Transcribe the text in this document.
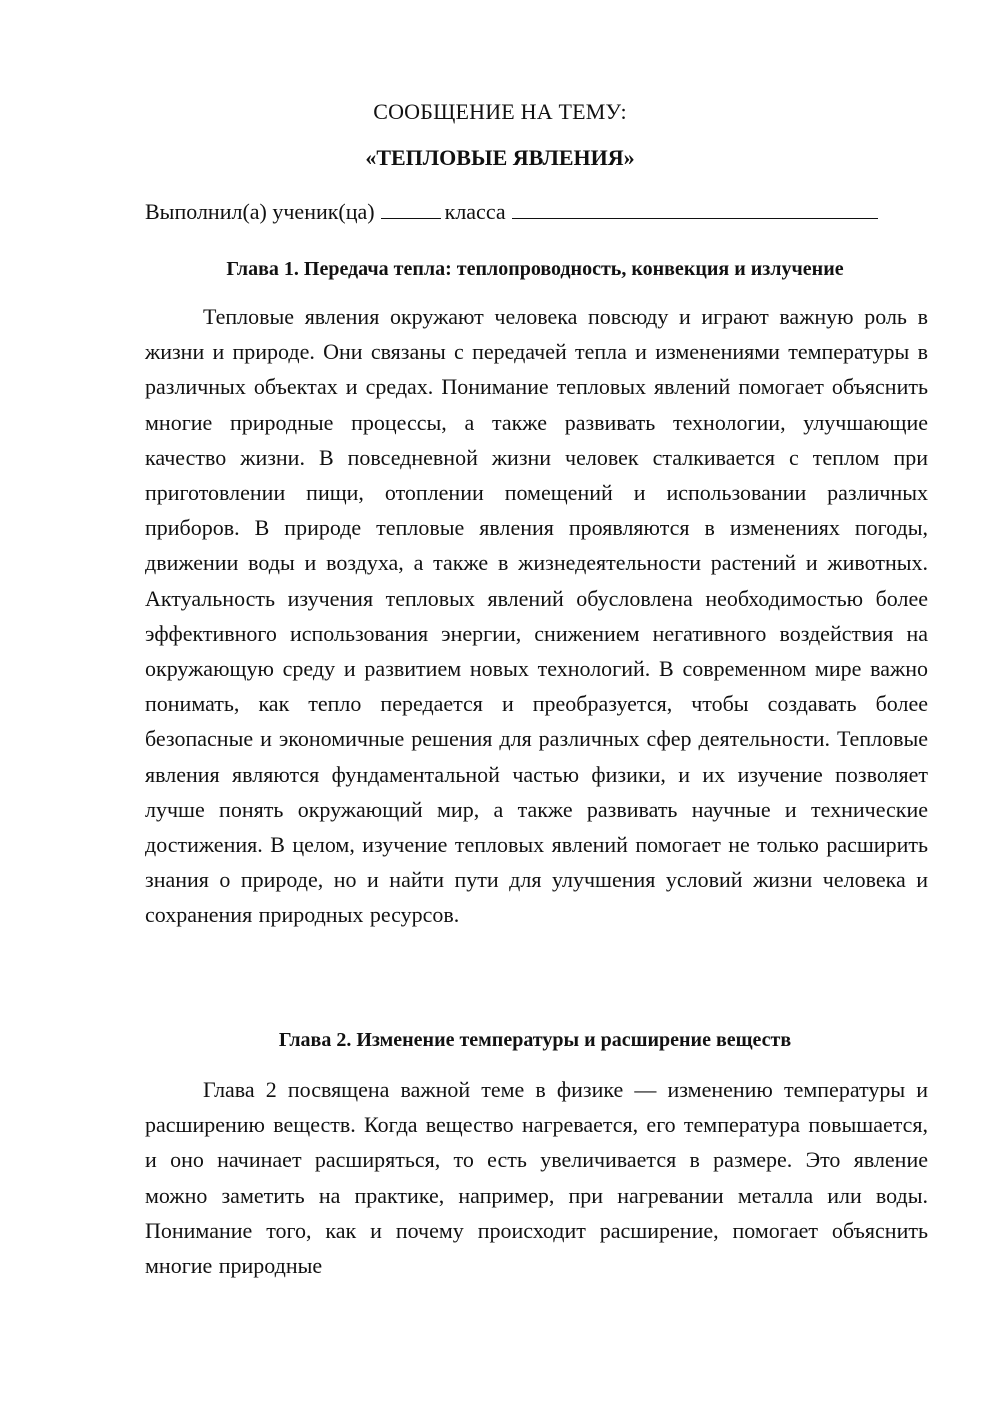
СООБЩЕНИЕ НА ТЕМУ:
«ТЕПЛОВЫЕ ЯВЛЕНИЯ»
Выполнил(а) ученик(ца)	класса
Глава 1. Передача тепла: теплопроводность, конвекция и излучение

Тепловые явления окружают человека повсюду и играют важную роль в жизни и природе. Они связаны с передачей тепла и изменениями температуры в различных объектах и средах. Понимание тепловых явлений помогает объяснить многие природные процессы, а также развивать технологии, улучшающие качество жизни. В повседневной жизни человек сталкивается с теплом при приготовлении пищи, отоплении помещений и использовании различных приборов. В природе тепловые явления проявляются в изменениях погоды, движении воды и воздуха, а также в жизнедеятельности растений и животных. Актуальность изучения тепловых явлений обусловлена необходимостью более эффективного использования энергии, снижением негативного воздействия на окружающую среду и развитием новых технологий. В современном мире важно понимать, как тепло передается и преобразуется, чтобы создавать более безопасные и экономичные решения для различных сфер деятельности. Тепловые явления являются фундаментальной частью физики, и их изучение позволяет лучше понять окружающий мир, а также развивать научные и технические достижения. В целом, изучение тепловых явлений помогает не только расширить знания о природе, но и найти пути для улучшения условий жизни человека и сохранения природных ресурсов.

Глава 2. Изменение температуры и расширение веществ

Глава 2 посвящена важной теме в физике — изменению температуры и расширению веществ. Когда вещество нагревается, его температура повышается, и оно начинает расширяться, то есть увеличивается в размере. Это явление можно заметить на практике, например, при нагревании металла или воды. Понимание того, как и почему происходит расширение, помогает объяснить многие природные
